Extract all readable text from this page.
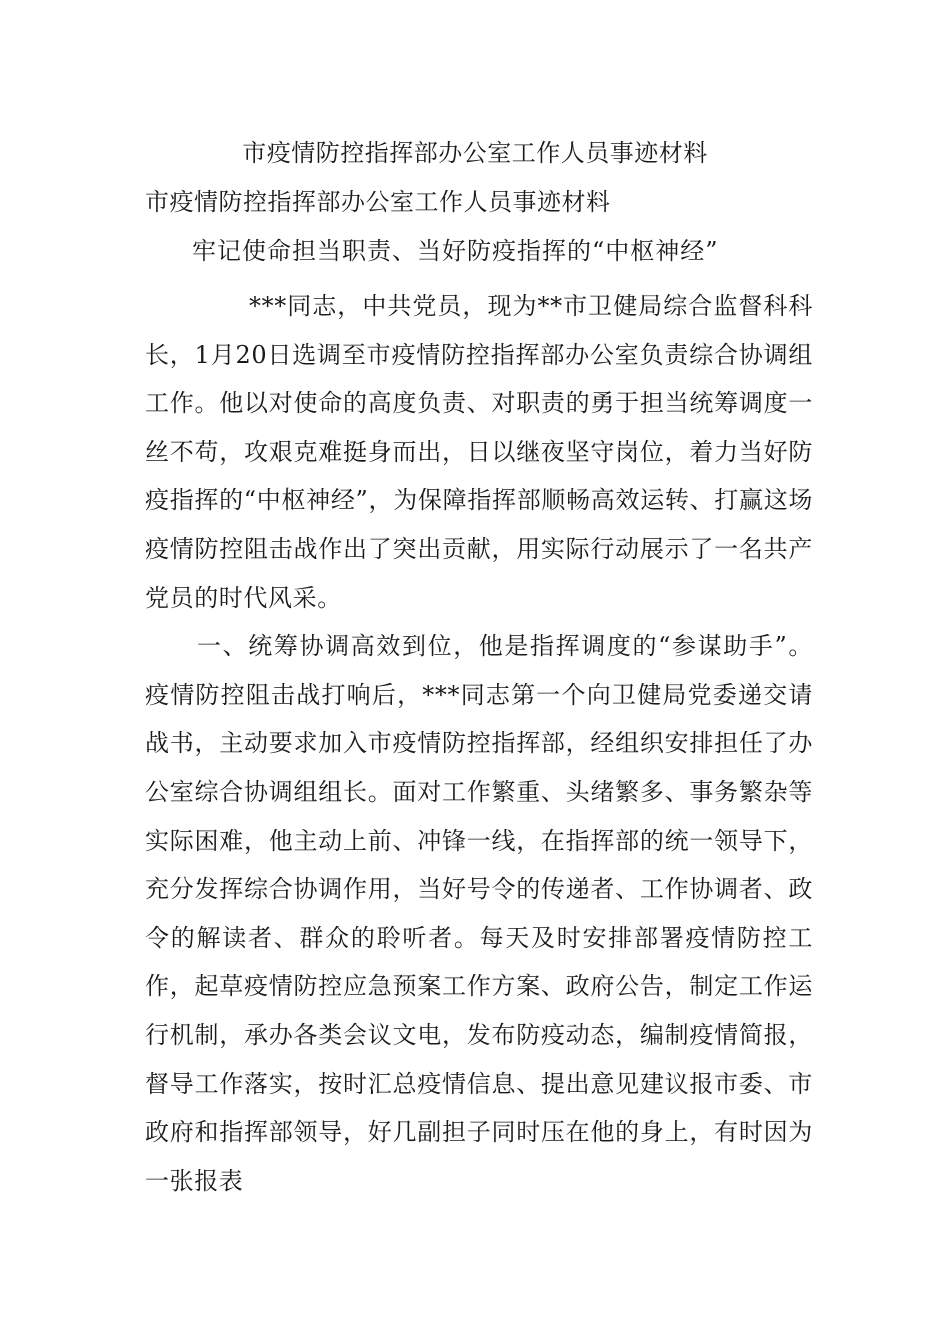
市疫情防控指挥部办公室工作人员事迹材料
市疫情防控指挥部办公室工作人员事迹材料
牢记使命担当职责、当好防疫指挥的“中枢神经”

***同志，中共党员，现为**市卫健局综合监督科科长，1月20日选调至市疫情防控指挥部办公室负责综合协调组工作。他以对使命的高度负责、对职责的勇于担当统筹调度一丝不苟，攻艰克难挺身而出，日以继夜坚守岗位，着力当好防疫指挥的“中枢神经”，为保障指挥部顺畅高效运转、打赢这场疫情防控阻击战作出了突出贡献，用实际行动展示了一名共产党员的时代风采。

一、统筹协调高效到位，他是指挥调度的“参谋助手”。疫情防控阻击战打响后，***同志第一个向卫健局党委递交请战书，主动要求加入市疫情防控指挥部，经组织安排担任了办公室综合协调组组长。面对工作繁重、头绪繁多、事务繁杂等实际困难，他主动上前、冲锋一线，在指挥部的统一领导下，充分发挥综合协调作用，当好号令的传递者、工作协调者、政令的解读者、群众的聆听者。每天及时安排部署疫情防控工作，起草疫情防控应急预案工作方案、政府公告，制定工作运行机制，承办各类会议文电，发布防疫动态，编制疫情简报，督导工作落实，按时汇总疫情信息、提出意见建议报市委、市政府和指挥部领导，好几副担子同时压在他的身上，有时因为一张报表
